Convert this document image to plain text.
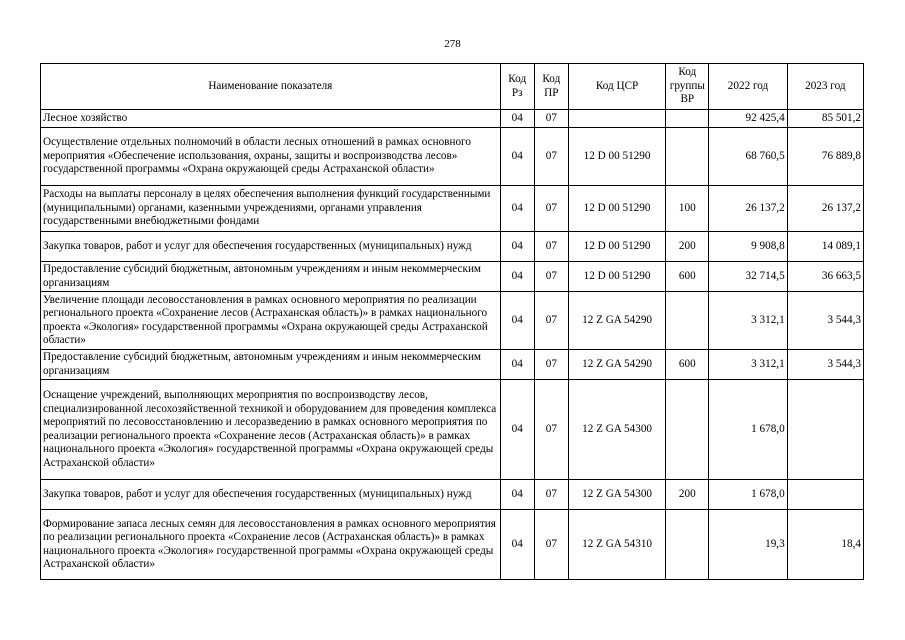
278
Наименование показателя	Код Рз	Код ПР	Код ЦСР	Код группы ВР	2022 год	2023 год
Лесное хозяйство	04	07			92 425,4	85 501,2
Осуществление отдельных полномочий в области лесных отношений в рамках основного мероприятия «Обеспечение использования, охраны, защиты и воспроизводства лесов» государственной программы «Охрана окружающей среды Астраханской области»	04	07	12 D 00 51290		68 760,5	76 889,8
Расходы на выплаты персоналу в целях обеспечения выполнения функций государственными (муниципальными) органами, казенными учреждениями, органами управления государственными внебюджетными фондами	04	07	12 D 00 51290	100	26 137,2	26 137,2
Закупка товаров, работ и услуг для обеспечения государственных (муниципальных) нужд	04	07	12 D 00 51290	200	9 908,8	14 089,1
Предоставление субсидий бюджетным, автономным учреждениям и иным некоммерческим организациям	04	07	12 D 00 51290	600	32 714,5	36 663,5
Увеличение площади лесовосстановления в рамках основного мероприятия по реализации регионального проекта «Сохранение лесов (Астраханская область)» в рамках национального проекта «Экология» государственной программы «Охрана окружающей среды Астраханской области»	04	07	12 Z GA 54290		3 312,1	3 544,3
Предоставление субсидий бюджетным, автономным учреждениям и иным некоммерческим организациям	04	07	12 Z GA 54290	600	3 312,1	3 544,3
Оснащение учреждений, выполняющих мероприятия по воспроизводству лесов, специализированной лесохозяйственной техникой и оборудованием для проведения комплекса мероприятий по лесовосстановлению и лесоразведению в рамках основного мероприятия по реализации регионального проекта «Сохранение лесов (Астраханская область)» в рамках национального проекта «Экология» государственной программы «Охрана окружающей среды Астраханской области»	04	07	12 Z GA 54300		1 678,0	
Закупка товаров, работ и услуг для обеспечения государственных (муниципальных) нужд	04	07	12 Z GA 54300	200	1 678,0	
Формирование запаса лесных семян для лесовосстановления в рамках основного мероприятия по реализации регионального проекта «Сохранение лесов (Астраханская область)» в рамках национального проекта «Экология» государственной программы «Охрана окружающей среды Астраханской области»	04	07	12 Z GA 54310		19,3	18,4
